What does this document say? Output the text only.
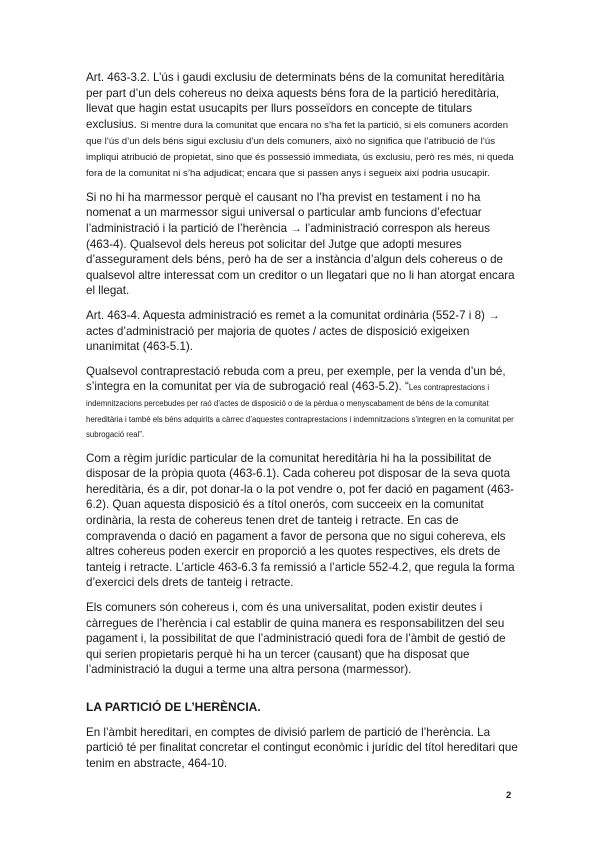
Art. 463-3.2. L’ús i gaudi exclusiu de determinats béns de la comunitat hereditària per part d’un dels cohereus no deixa aquests béns fora de la partició hereditària, llevat que hagin estat usucapits per llurs posseïdors en concepte de titulars exclusius. Si mentre dura la comunitat que encara no s’ha fet la partició, si els comuners acorden que l’ús d’un dels béns sigui exclusiu d’un dels comuners, això no significa que l’atribució de l’ús impliqui atribució de propietat, sino que és possessió immediata, ús exclusiu, però res més, ni queda fora de la comunitat ni s’ha adjudicat; encara que si passen anys i segueix així podria usucapir.

Si no hi ha marmessor perquè el causant no l’ha previst en testament i no ha nomenat a un marmessor sigui universal o particular amb funcions d’efectuar l’administració i la partició de l’herència → l’administració correspon als hereus (463-4). Qualsevol dels hereus pot solicitar del Jutge que adopti mesures d’assegurament dels béns, però ha de ser a instància d’algun dels cohereus o de qualsevol altre interessat com un creditor o un llegatari que no li han atorgat encara el llegat.

Art. 463-4. Aquesta administració es remet a la comunitat ordinària (552-7 i 8) → actes d’administració per majoria de quotes / actes de disposició exigeixen unanimitat (463-5.1).

Qualsevol contraprestació rebuda com a preu, per exemple, per la venda d’un bé, s’integra en la comunitat per via de subrogació real (463-5.2). “Les contraprestacions i indemnitzacions percebudes per raó d’actes de disposició o de la pèrdua o menyscabament de béns de la comunitat hereditària i també els béns adquirits a càrrec d’aquestes contraprestacions i indemnitzacions s’integren en la comunitat per subrogació real”.

Com a règim jurídic particular de la comunitat hereditària hi ha la possibilitat de disposar de la pròpia quota (463-6.1). Cada cohereu pot disposar de la seva quota hereditària, és a dir, pot donar-la o la pot vendre o, pot fer dació en pagament (463-6.2). Quan aquesta disposició és a títol onerós, com succeeix en la comunitat ordinària, la resta de cohereus tenen dret de tanteig i retracte. En cas de compravenda o dació en pagament a favor de persona que no sigui cohereva, els altres cohereus poden exercir en proporció a les quotes respectives, els drets de tanteig i retracte. L’article 463-6.3 fa remissió a l’article 552-4.2, que regula la forma d’exercici dels drets de tanteig i retracte.

Els comuners són cohereus i, com és una universalitat, poden existir deutes i càrregues de l’herència i cal establir de quina manera es responsabilitzen del seu pagament i, la possibilitat de que l’administració quedi fora de l’àmbit de gestió de qui serien propietaris perquè hi ha un tercer (causant) que ha disposat que l’administració la dugui a terme una altra persona (marmessor).

LA PARTICIÓ DE L’HERÈNCIA.

En l’àmbit hereditari, en comptes de divisió parlem de partició de l’herència. La partició té per finalitat concretar el contingut econòmic i jurídic del títol hereditari que tenim en abstracte, 464-10.

2
